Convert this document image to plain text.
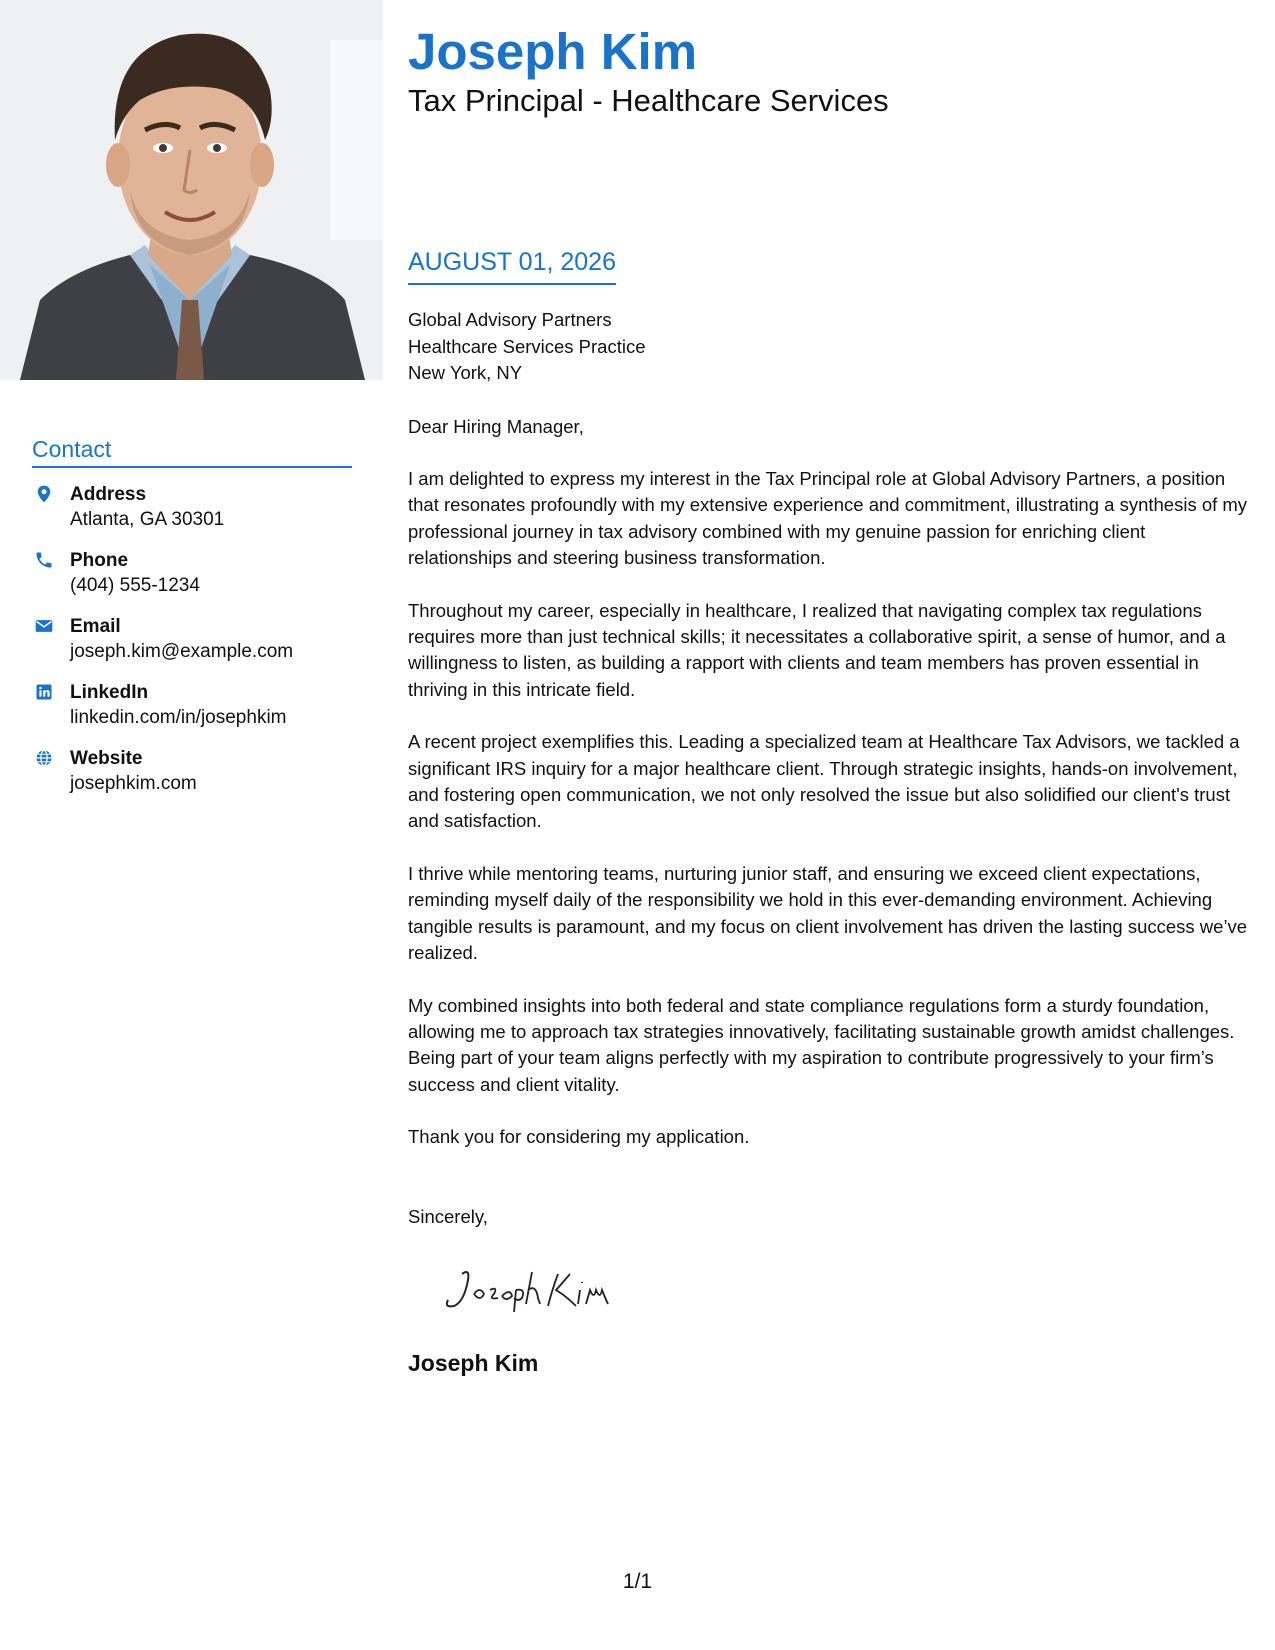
Contact
Address
Atlanta, GA 30301
Phone
(404) 555-1234
Email
joseph.kim@example.com
LinkedIn
linkedin.com/in/josephkim
Website
josephkim.com
Joseph Kim
Tax Principal - Healthcare Services
AUGUST 01, 2026
Global Advisory Partners
Healthcare Services Practice
New York, NY
Dear Hiring Manager,

I am delighted to express my interest in the Tax Principal role at Global Advisory Partners, a position that resonates profoundly with my extensive experience and commitment, illustrating a synthesis of my professional journey in tax advisory combined with my genuine passion for enriching client relationships and steering business transformation.

Throughout my career, especially in healthcare, I realized that navigating complex tax regulations requires more than just technical skills; it necessitates a collaborative spirit, a sense of humor, and a willingness to listen, as building a rapport with clients and team members has proven essential in thriving in this intricate field.

A recent project exemplifies this. Leading a specialized team at Healthcare Tax Advisors, we tackled a significant IRS inquiry for a major healthcare client. Through strategic insights, hands-on involvement, and fostering open communication, we not only resolved the issue but also solidified our client's trust and satisfaction.

I thrive while mentoring teams, nurturing junior staff, and ensuring we exceed client expectations, reminding myself daily of the responsibility we hold in this ever-demanding environment. Achieving tangible results is paramount, and my focus on client involvement has driven the lasting success we’ve realized.

My combined insights into both federal and state compliance regulations form a sturdy foundation, allowing me to approach tax strategies innovatively, facilitating sustainable growth amidst challenges. Being part of your team aligns perfectly with my aspiration to contribute progressively to your firm’s success and client vitality.

Thank you for considering my application.

Sincerely,
Joseph Kim
1/1
